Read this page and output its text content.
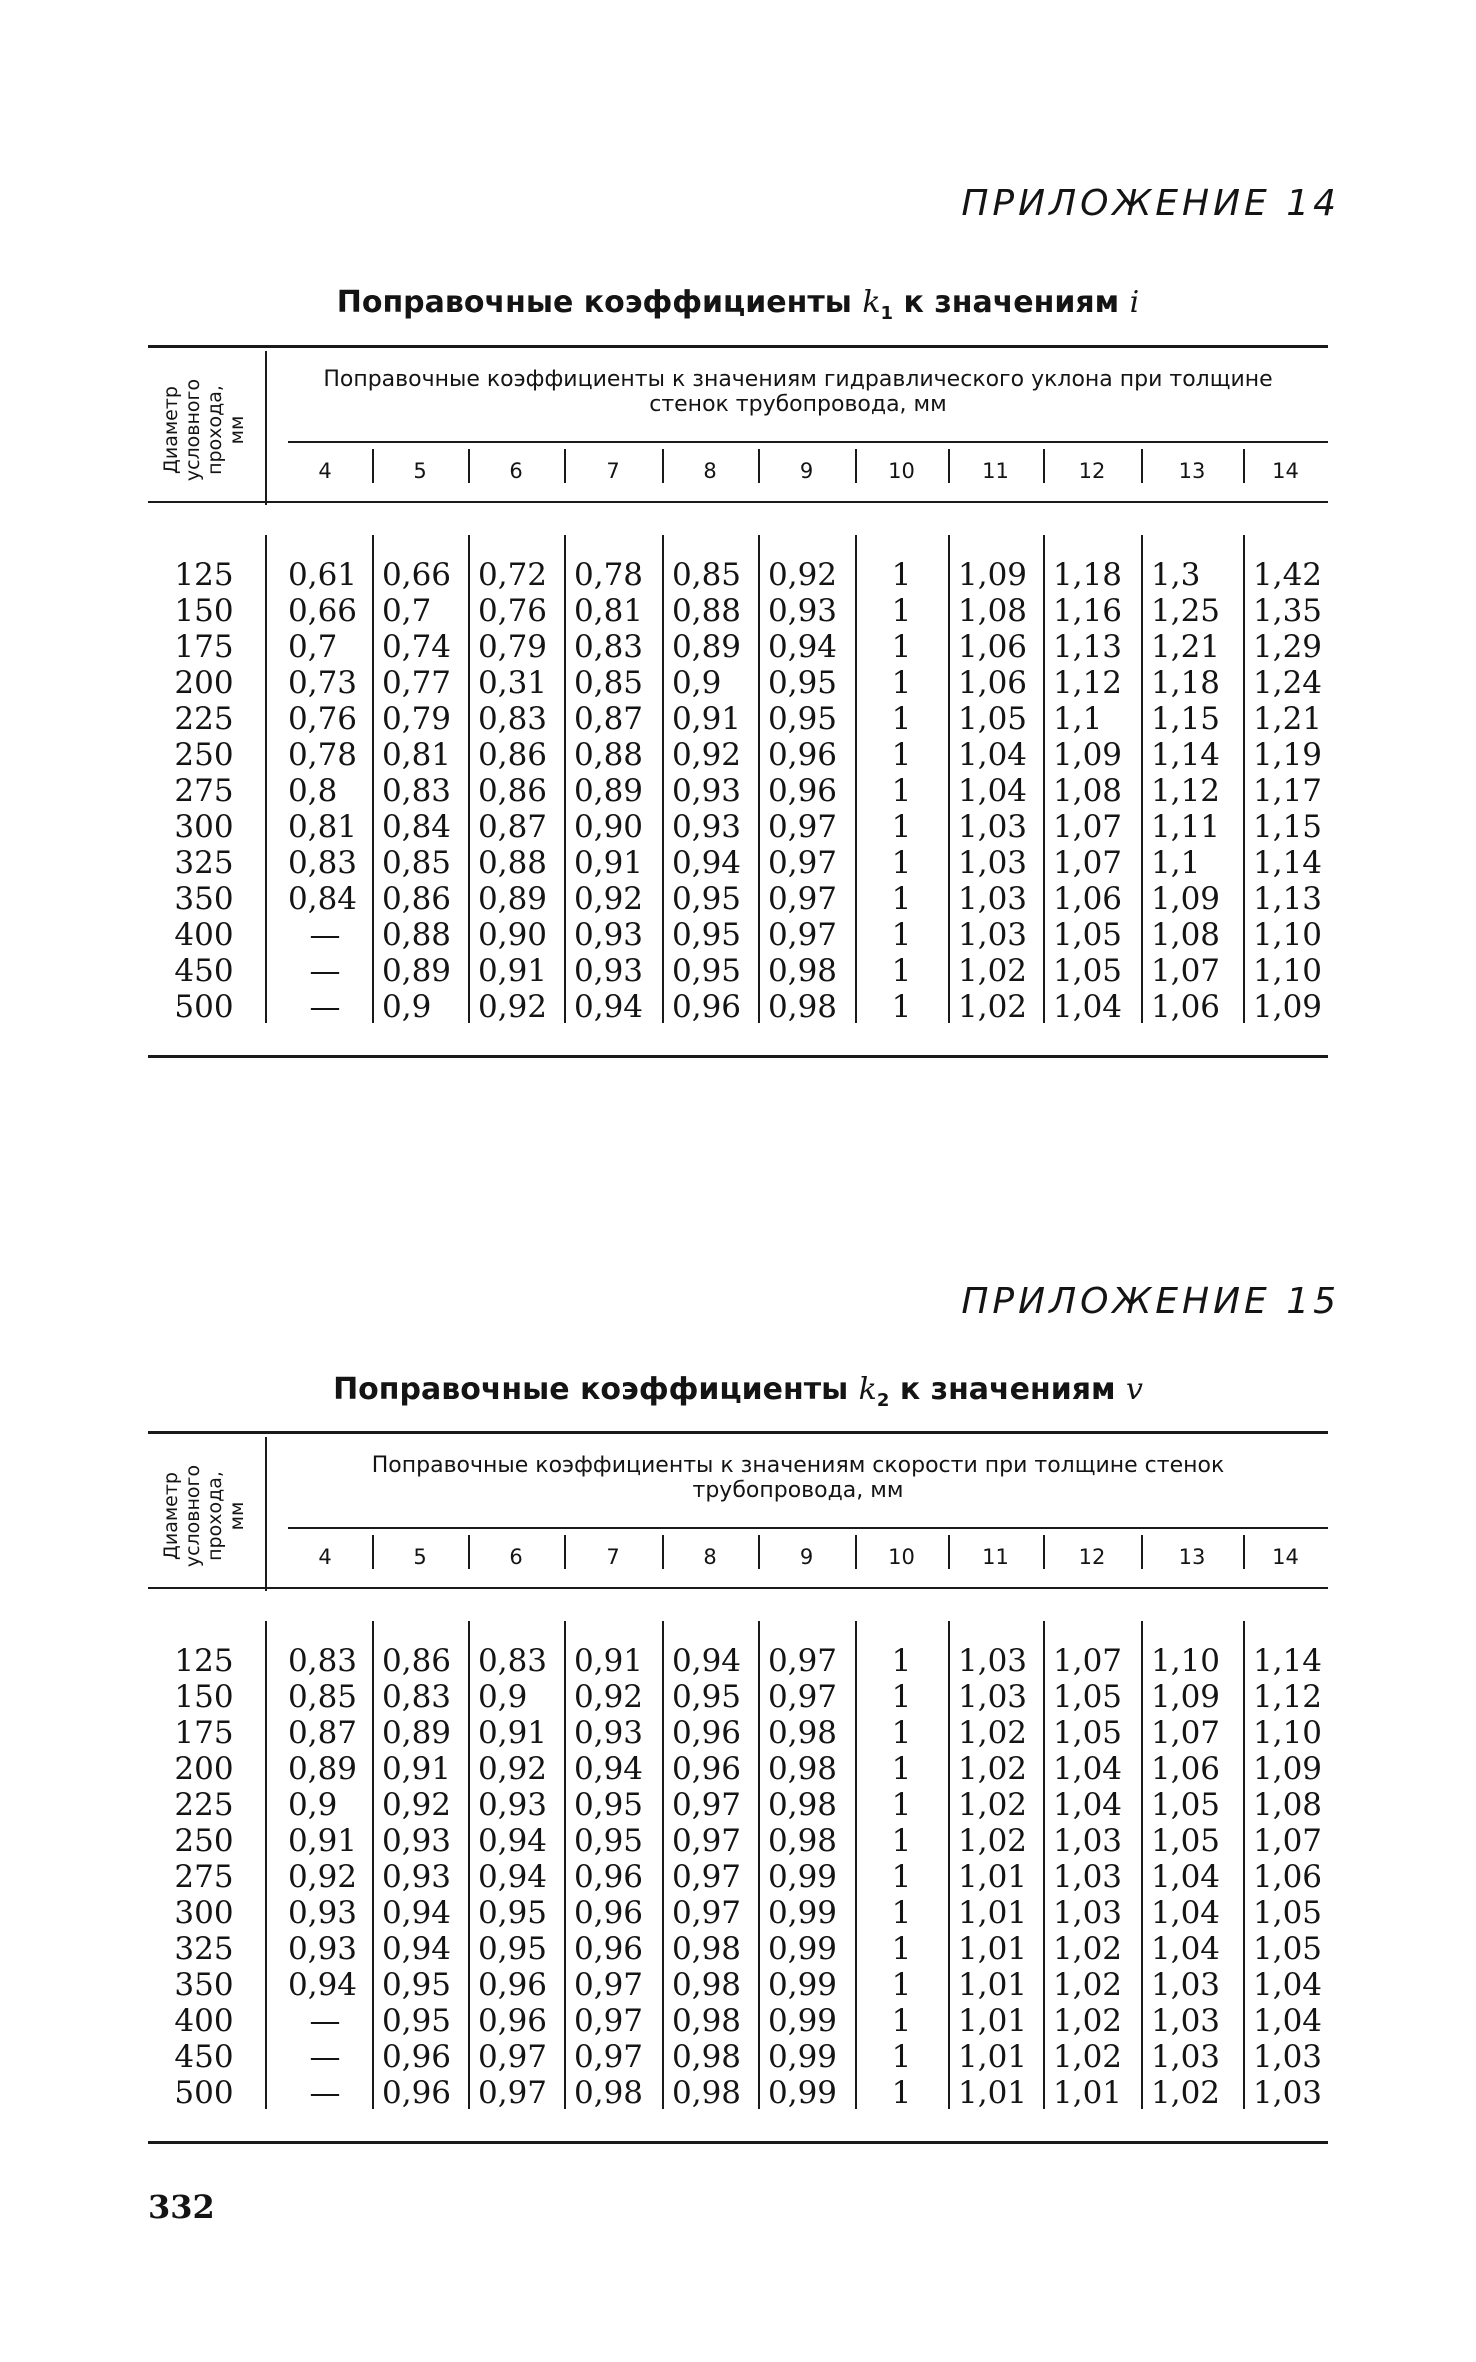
ПРИЛОЖЕНИЕ 14
Поправочные коэффициенты $k_1$ к значениям i
Диаметр
условного
прохода,
мм
Поправочные коэффициенты к значениям гидравлического уклона при толщине стенок трубопровода, мм
4	5	6	7	8	9	10	11	12	13	14
125	0,61 0,66 0,72 0,78 0,85 0,92	1	1,09 1,18 1,3	1,42
150	0,66 0,7	0,76 0,81 0,88 0,93	1	1,08 1,16 1,25	1,35
175	0,7	0,74 0,79 0,83 0,89 0,94	1	1,06 1,13 1,21	1,29
200	0,73 0,77 0,31 0,85 0,9	0,95	1	1,06 1,12 1,18	1,24
225	0,76 0,79 0,83 0,87 0,91 0,95	1	1,05 1,1	1,15	1,21
250	0,78 0,81 0,86 0,88 0,92 0,96	1	1,04 1,09 1,14	1,19
275	0,8	0,83 0,86 0,89 0,93 0,96	1	1,04 1,08 1,12	1,17
300	0,81 0,84 0,87 0,90 0,93 0,97	1	1,03 1,07 1,11	1,15
325	0,83 0,85 0,88 0,91 0,94 0,97	1	1,03 1,07 1,1	1,14
350	0,84 0,86 0,89 0,92 0,95 0,97	1	1,03 1,06 1,09	1,13
400	—	0,88 0,90 0,93 0,95 0,97	1	1,03 1,05 1,08	1,10
450	—	0,89 0,91 0,93 0,95 0,98	1	1,02 1,05 1,07	1,10
500	—	0,9	0,92 0,94 0,96 0,98	1	1,02 1,04 1,06	1,09
ПРИЛОЖЕНИЕ 15
Поправочные коэффициенты $k_2$ к значениям v
Диаметр
условного
прохода,
мм
Поправочные коэффициенты к значениям скорости при толщине стенок трубопровода, мм
4	5	6	7	8	9	10	11	12	13	14
125	0,83 0,86 0,83 0,91 0,94 0,97	1	1,03 1,07 1,10	1,14
150	0,85 0,83 0,9	0,92 0,95 0,97	1	1,03 1,05 1,09	1,12
175	0,87 0,89 0,91 0,93 0,96 0,98	1	1,02 1,05 1,07	1,10
200	0,89 0,91 0,92 0,94 0,96 0,98	1	1,02 1,04 1,06	1,09
225	0,9	0,92 0,93 0,95 0,97 0,98	1	1,02 1,04 1,05	1,08
250	0,91 0,93 0,94 0,95 0,97 0,98	1	1,02 1,03 1,05	1,07
275	0,92 0,93 0,94 0,96 0,97 0,99	1	1,01 1,03 1,04	1,06
300	0,93 0,94 0,95 0,96 0,97 0,99	1	1,01 1,03 1,04	1,05
325	0,93 0,94 0,95 0,96 0,98 0,99	1	1,01 1,02 1,04	1,05
350	0,94 0,95 0,96 0,97 0,98 0,99	1	1,01 1,02 1,03	1,04
400	—	0,95 0,96 0,97 0,98 0,99	1	1,01 1,02 1,03	1,04
450	—	0,96 0,97 0,97 0,98 0,99	1	1,01 1,02 1,03	1,03
500	—	0,96 0,97 0,98 0,98 0,99	1	1,01 1,01 1,02	1,03
332
